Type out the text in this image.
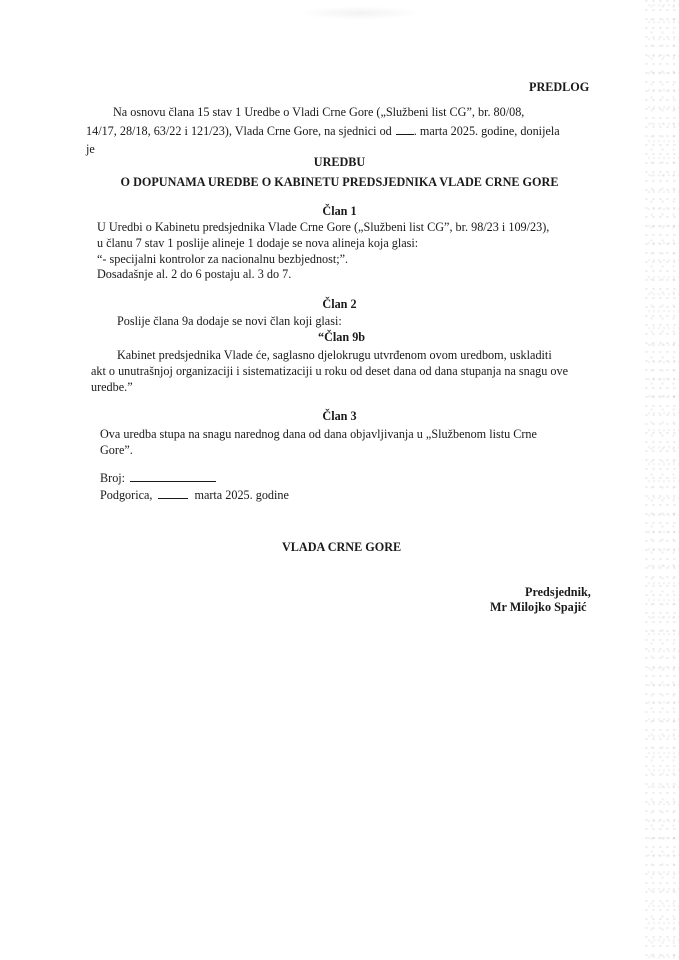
PREDLOG
Na osnovu člana 15 stav 1 Uredbe o Vladi Crne Gore („Službeni list CG”, br. 80/08,
14/17, 28/18, 63/22 i 121/23), Vlada Crne Gore, na sjednici od . marta 2025. godine, donijela
je
UREDBU
O DOPUNAMA UREDBE O KABINETU PREDSJEDNIKA VLADE CRNE GORE
Član 1
U Uredbi o Kabinetu predsjednika Vlade Crne Gore („Službeni list CG”, br. 98/23 i 109/23),
u članu 7 stav 1 poslije alineje 1 dodaje se nova alineja koja glasi:
“- specijalni kontrolor za nacionalnu bezbjednost;”.
Dosadašnje al. 2 do 6 postaju al. 3 do 7.
Član 2
Poslije člana 9a dodaje se novi član koji glasi:
“Član 9b
Kabinet predsjednika Vlade će, saglasno djelokrugu utvrđenom ovom uredbom, uskladiti
akt o unutrašnjoj organizaciji i sistematizaciji u roku od deset dana od dana stupanja na snagu ove
uredbe.”
Član 3
Ova uredba stupa na snagu narednog dana od dana objavljivanja u „Službenom listu Crne
Gore”.
Broj:
Podgorica,	marta 2025. godine
VLADA CRNE GORE
Predsjednik,
Mr Milojko Spajić
